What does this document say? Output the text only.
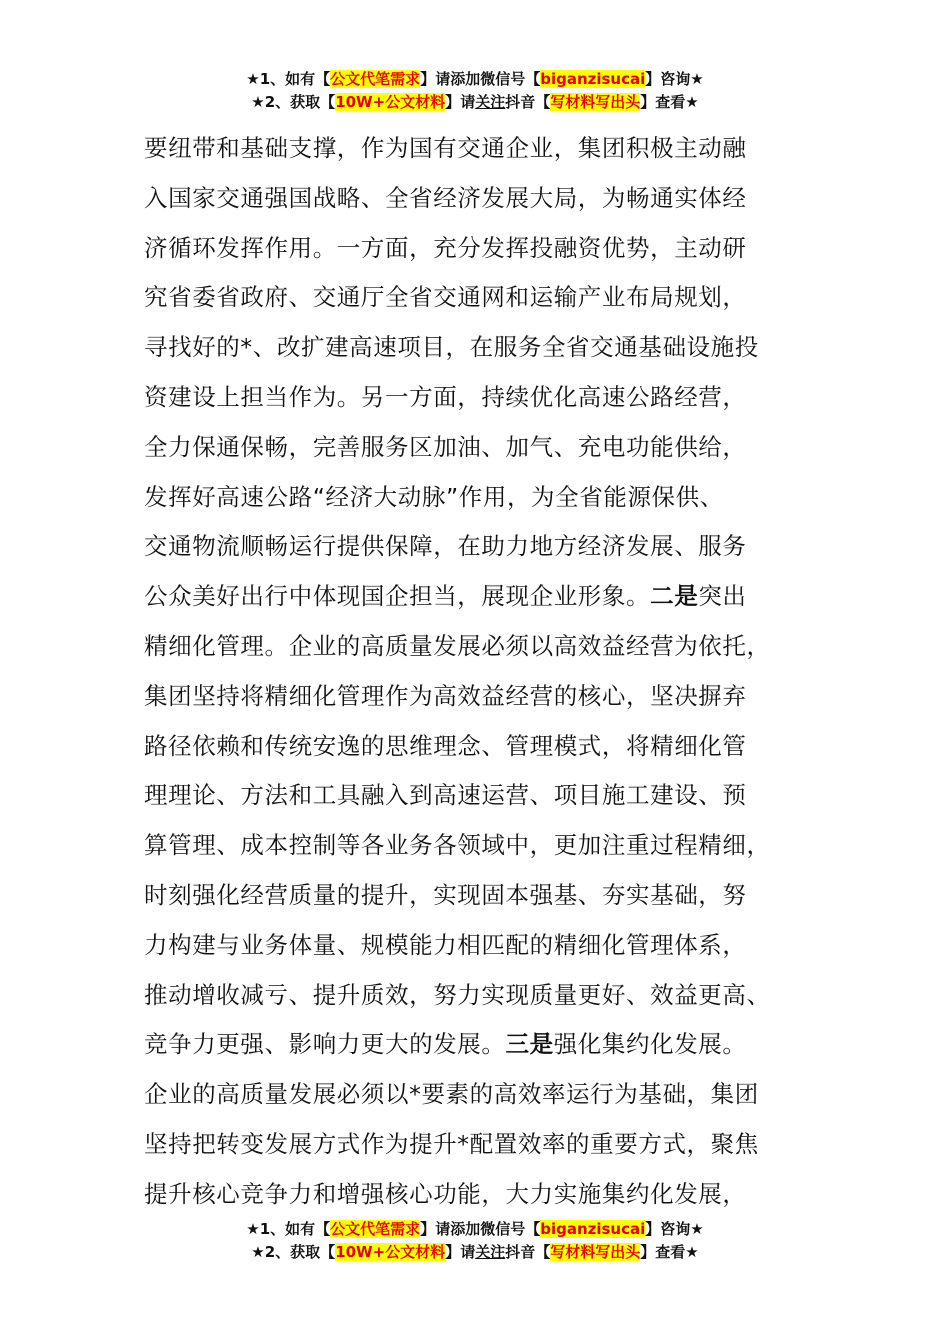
★1、如有【公文代笔需求】请添加微信号【biganzisucai】咨询★
★2、获取【10W+公文材料】请关注抖音【写材料写出头】查看★
要纽带和基础支撑，作为国有交通企业，集团积极主动融
入国家交通强国战略、全省经济发展大局，为畅通实体经
济循环发挥作用。一方面，充分发挥投融资优势，主动研
究省委省政府、交通厅全省交通网和运输产业布局规划，
寻找好的*、改扩建高速项目，在服务全省交通基础设施投
资建设上担当作为。另一方面，持续优化高速公路经营，
全力保通保畅，完善服务区加油、加气、充电功能供给，
发挥好高速公路“经济大动脉”作用，为全省能源保供、
交通物流顺畅运行提供保障，在助力地方经济发展、服务
公众美好出行中体现国企担当，展现企业形象。二是突出
精细化管理。企业的高质量发展必须以高效益经营为依托，
集团坚持将精细化管理作为高效益经营的核心，坚决摒弃
路径依赖和传统安逸的思维理念、管理模式，将精细化管
理理论、方法和工具融入到高速运营、项目施工建设、预
算管理、成本控制等各业务各领域中，更加注重过程精细，
时刻强化经营质量的提升，实现固本强基、夯实基础，努
力构建与业务体量、规模能力相匹配的精细化管理体系，
推动增收减亏、提升质效，努力实现质量更好、效益更高、
竞争力更强、影响力更大的发展。三是强化集约化发展。
企业的高质量发展必须以*要素的高效率运行为基础，集团
坚持把转变发展方式作为提升*配置效率的重要方式，聚焦
提升核心竞争力和增强核心功能，大力实施集约化发展，
★1、如有【公文代笔需求】请添加微信号【biganzisucai】咨询★
★2、获取【10W+公文材料】请关注抖音【写材料写出头】查看★
